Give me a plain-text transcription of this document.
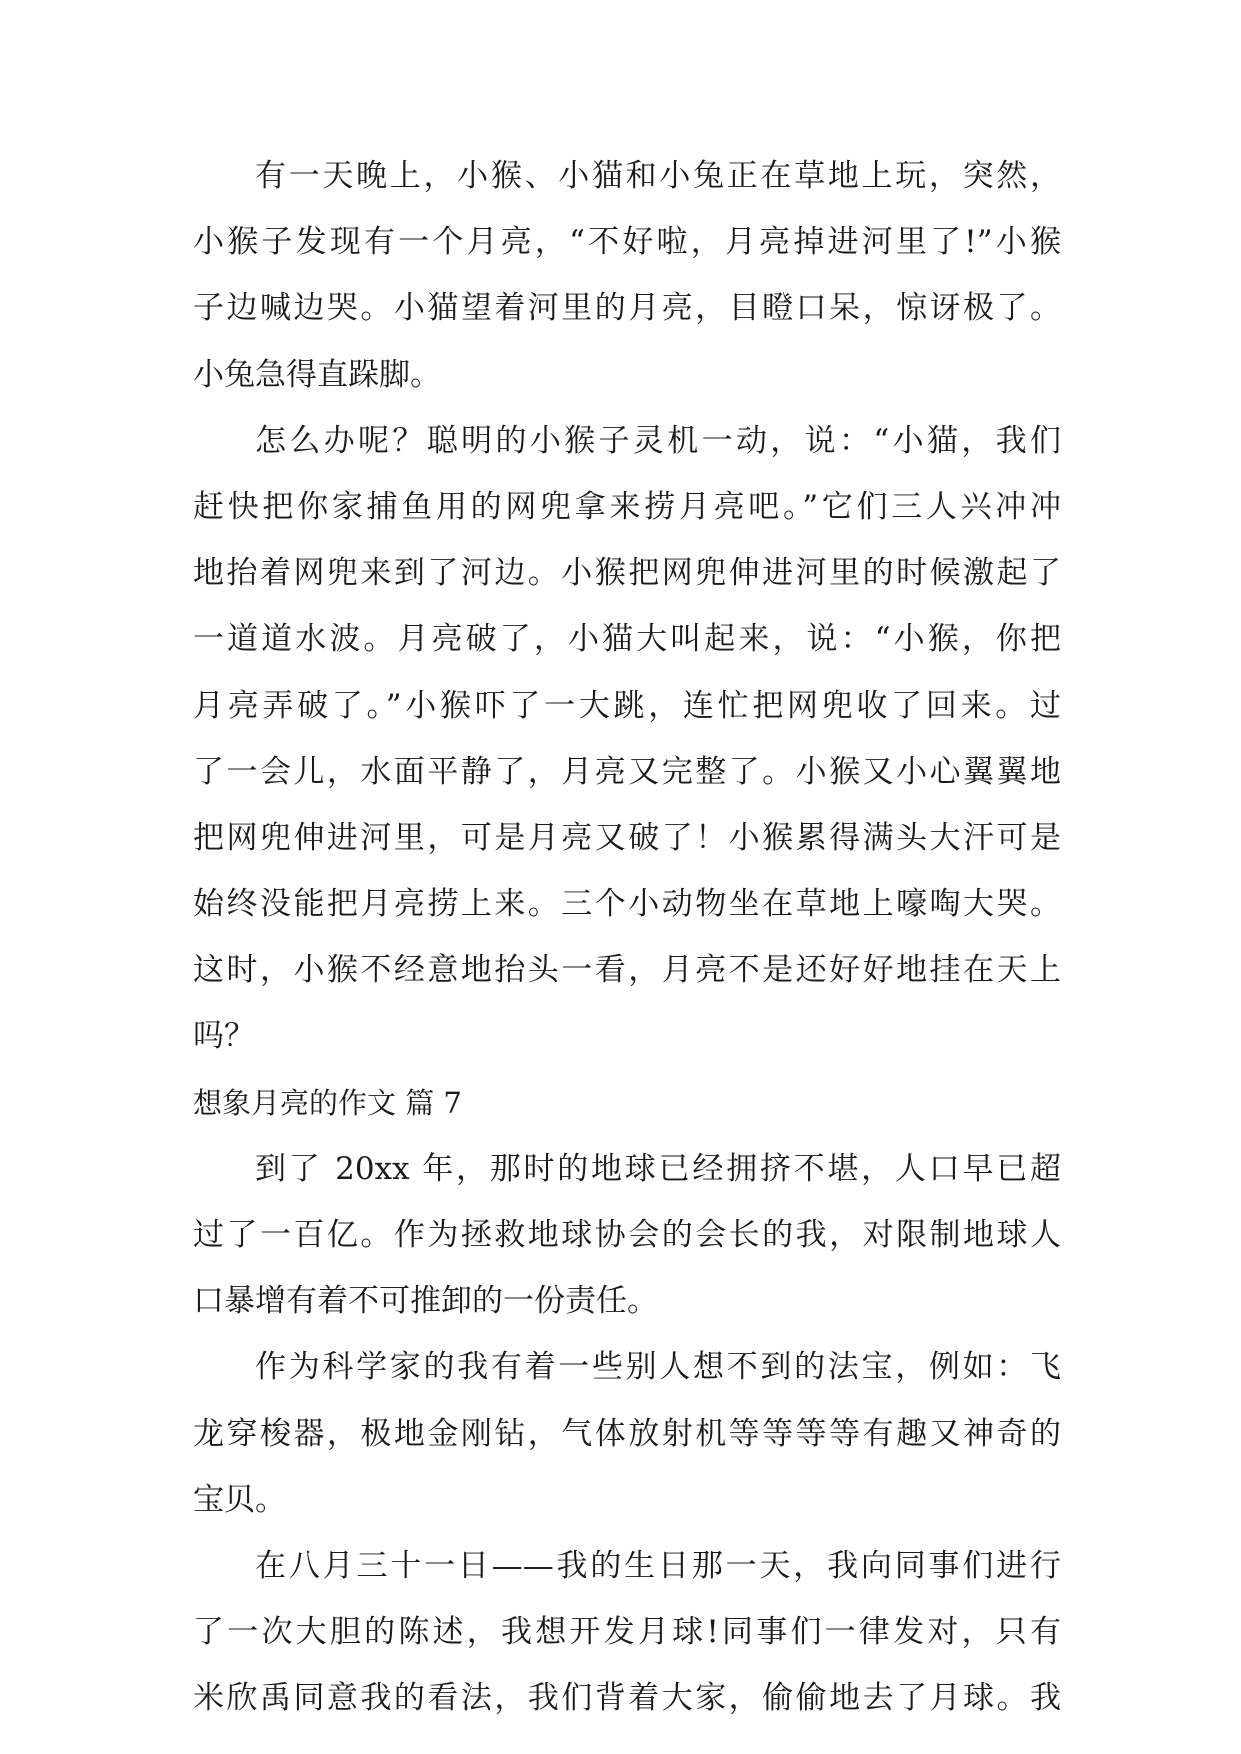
有一天晚上，小猴、小猫和小兔正在草地上玩，突然，
小猴子发现有一个月亮，“不好啦，月亮掉进河里了!”小猴
子边喊边哭。小猫望着河里的月亮，目瞪口呆，惊讶极了。
小兔急得直跺脚。
怎么办呢？聪明的小猴子灵机一动，说：“小猫，我们
赶快把你家捕鱼用的网兜拿来捞月亮吧。”它们三人兴冲冲
地抬着网兜来到了河边。小猴把网兜伸进河里的时候激起了
一道道水波。月亮破了，小猫大叫起来，说：“小猴，你把
月亮弄破了。”小猴吓了一大跳，连忙把网兜收了回来。过
了一会儿，水面平静了，月亮又完整了。小猴又小心翼翼地
把网兜伸进河里，可是月亮又破了！小猴累得满头大汗可是
始终没能把月亮捞上来。三个小动物坐在草地上嚎啕大哭。
这时，小猴不经意地抬头一看，月亮不是还好好地挂在天上
吗？
想象月亮的作文 篇 7
到了 20xx 年，那时的地球已经拥挤不堪，人口早已超
过了一百亿。作为拯救地球协会的会长的我，对限制地球人
口暴增有着不可推卸的一份责任。
作为科学家的我有着一些别人想不到的法宝，例如：飞
龙穿梭器，极地金刚钻，气体放射机等等等等有趣又神奇的
宝贝。
在八月三十一日——我的生日那一天，我向同事们进行
了一次大胆的陈述，我想开发月球!同事们一律发对，只有
米欣禹同意我的看法，我们背着大家，偷偷地去了月球。我
